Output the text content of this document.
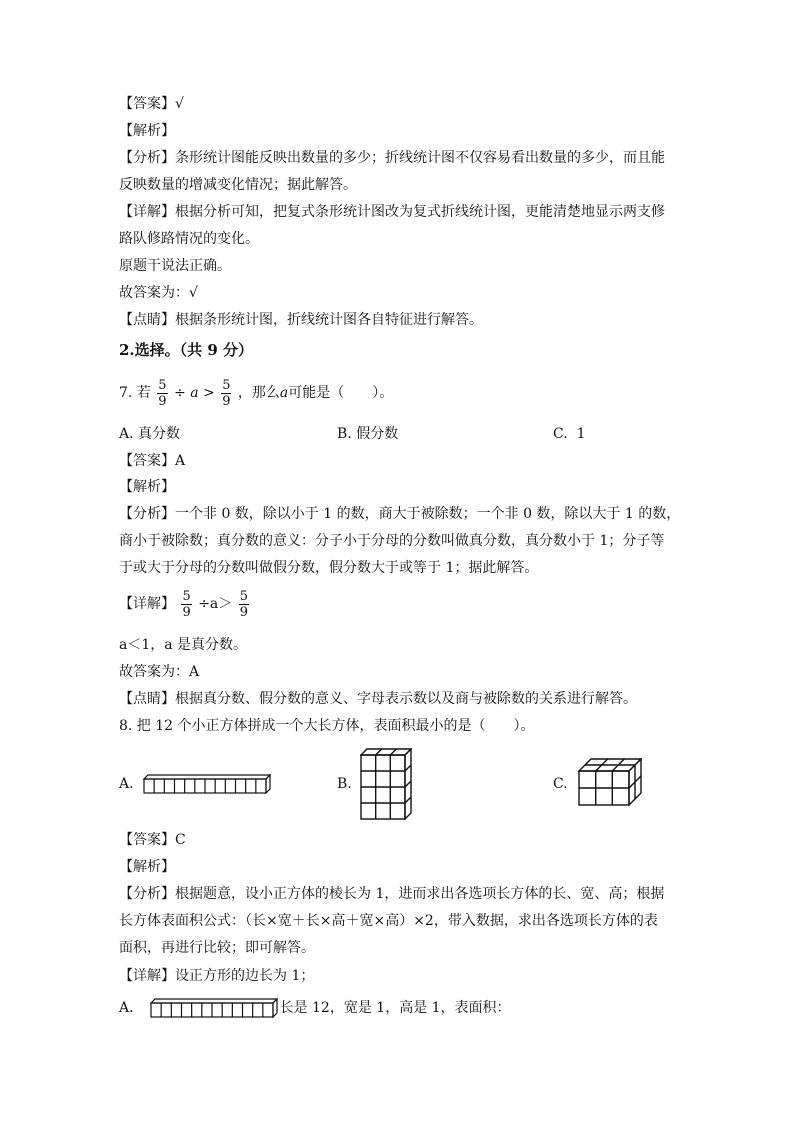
【答案】√
【解析】
【分析】条形统计图能反映出数量的多少；折线统计图不仅容易看出数量的多少，而且能
反映数量的增减变化情况；据此解答。
【详解】根据分析可知，把复式条形统计图改为复式折线统计图，更能清楚地显示两支修
路队修路情况的变化。
原题干说法正确。
故答案为：√
【点睛】根据条形统计图，折线统计图各自特征进行解答。
2.选择。（共 9 分）
7. 若 $\frac{5}{9} \div a > \frac{5}{9}$ ，那么a可能是（　　）。
A. 真分数	B. 假分数	C. 1
【答案】A
【解析】
【分析】一个非 0 数，除以小于 1 的数，商大于被除数；一个非 0 数，除以大于 1 的数，
商小于被除数；真分数的意义：分子小于分母的分数叫做真分数，真分数小于 1；分子等
于或大于分母的分数叫做假分数，假分数大于或等于 1；据此解答。
【详解】 $\frac{5}{9} \div a> \frac{5}{9}$
a＜1，a 是真分数。
故答案为：A
【点睛】根据真分数、假分数的意义、字母表示数以及商与被除数的关系进行解答。
8. 把 12 个小正方体拼成一个大长方体，表面积最小的是（　　）。
A.	B.	C.
【答案】C
【解析】
【分析】根据题意，设小正方体的棱长为 1，进而求出各选项长方体的长、宽、高；根据
长方体表面积公式：（长×宽＋长×高＋宽×高）×2，带入数据，求出各选项长方体的表
面积，再进行比较；即可解答。
【详解】设正方形的边长为 1；
A．	长是 12，宽是 1，高是 1，表面积：
